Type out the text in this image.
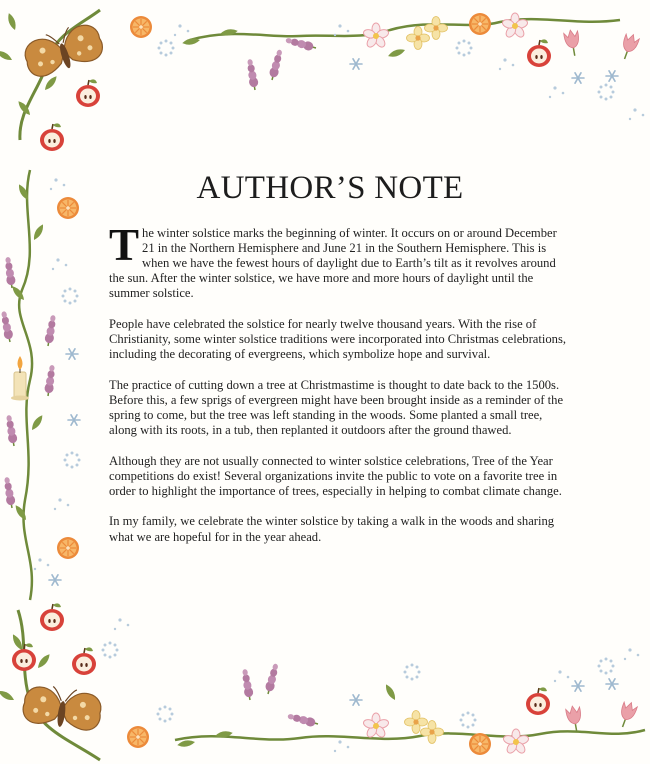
AUTHOR’S NOTE

The winter solstice marks the beginning of winter. It occurs on or around December 21 in the Northern Hemisphere and June 21 in the Southern Hemisphere. This is when we have the fewest hours of daylight due to Earth’s tilt as it revolves around the sun. After the winter solstice, we have more and more hours of daylight until the summer solstice.

People have celebrated the solstice for nearly twelve thousand years. With the rise of Christianity, some winter solstice traditions were incorporated into Christmas celebrations, including the decorating of evergreens, which symbolize hope and survival.

The practice of cutting down a tree at Christmastime is thought to date back to the 1500s. Before this, a few sprigs of evergreen might have been brought inside as a reminder of the spring to come, but the tree was left standing in the woods. Some planted a small tree, along with its roots, in a tub, then replanted it outdoors after the ground thawed.

Although they are not usually connected to winter solstice celebrations, Tree of the Year competitions do exist! Several organizations invite the public to vote on a favorite tree in order to highlight the importance of trees, especially in helping to combat climate change.

In my family, we celebrate the winter solstice by taking a walk in the woods and sharing what we are hopeful for in the year ahead.
